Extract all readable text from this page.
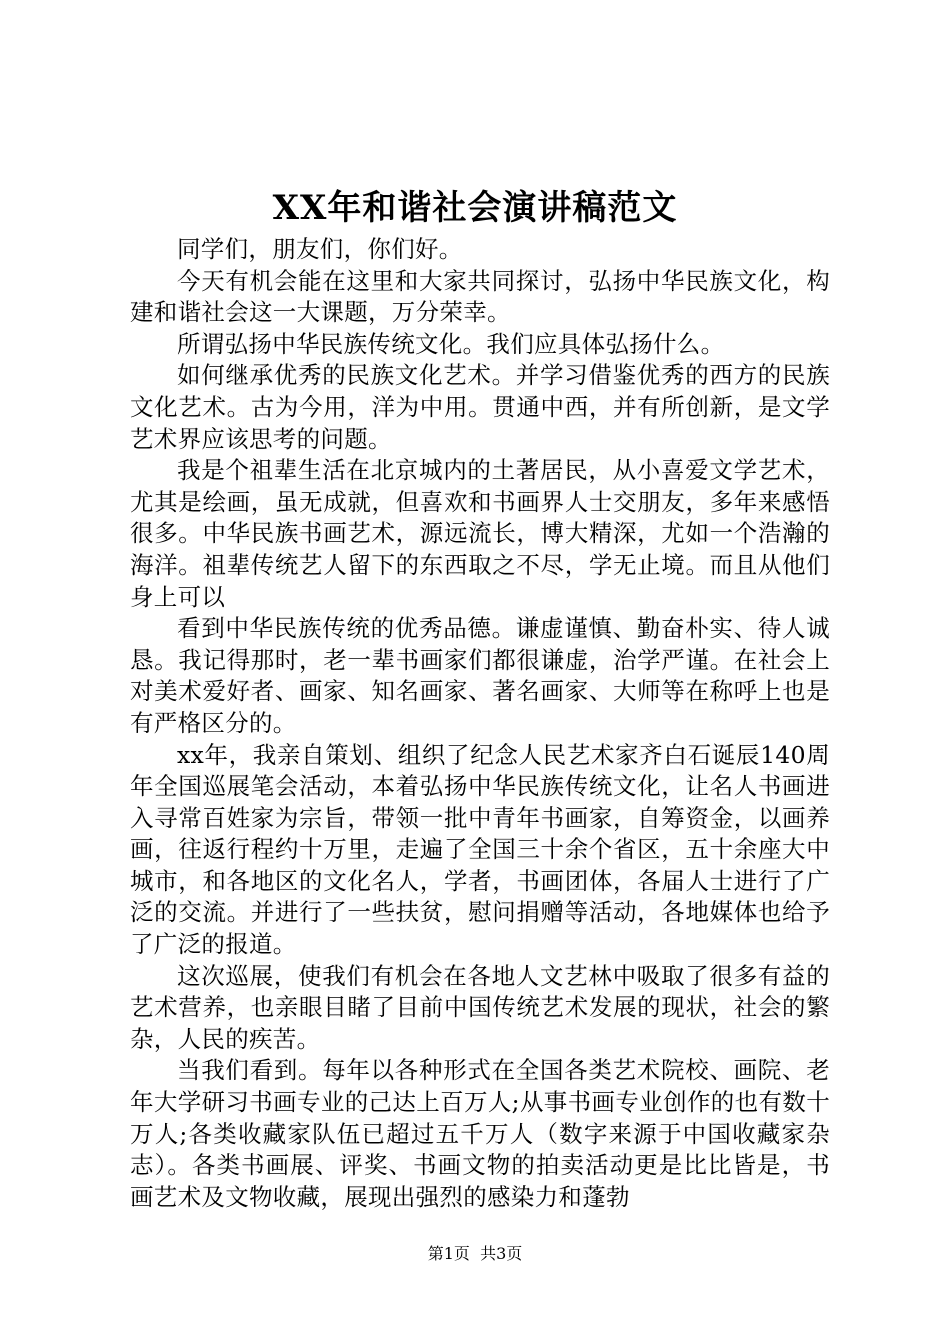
XX年和谐社会演讲稿范文

同学们，朋友们，你们好。

今天有机会能在这里和大家共同探讨，弘扬中华民族文化，构建和谐社会这一大课题，万分荣幸。

所谓弘扬中华民族传统文化。我们应具体弘扬什么。

如何继承优秀的民族文化艺术。并学习借鉴优秀的西方的民族文化艺术。古为今用，洋为中用。贯通中西，并有所创新，是文学艺术界应该思考的问题。

我是个祖辈生活在北京城内的土著居民，从小喜爱文学艺术，尤其是绘画，虽无成就，但喜欢和书画界人士交朋友，多年来感悟很多。中华民族书画艺术，源远流长，博大精深，尤如一个浩瀚的海洋。祖辈传统艺人留下的东西取之不尽，学无止境。而且从他们身上可以

看到中华民族传统的优秀品德。谦虚谨慎、勤奋朴实、待人诚恳。我记得那时，老一辈书画家们都很谦虚，治学严谨。在社会上对美术爱好者、画家、知名画家、著名画家、大师等在称呼上也是有严格区分的。

xx年，我亲自策划、组织了纪念人民艺术家齐白石诞辰140周年全国巡展笔会活动，本着弘扬中华民族传统文化，让名人书画进入寻常百姓家为宗旨，带领一批中青年书画家，自筹资金，以画养画，往返行程约十万里，走遍了全国三十余个省区，五十余座大中城市，和各地区的文化名人，学者，书画团体，各届人士进行了广泛的交流。并进行了一些扶贫，慰问捐赠等活动，各地媒体也给予了广泛的报道。

这次巡展，使我们有机会在各地人文艺林中吸取了很多有益的艺术营养，也亲眼目睹了目前中国传统艺术发展的现状，社会的繁杂，人民的疾苦。

当我们看到。每年以各种形式在全国各类艺术院校、画院、老年大学研习书画专业的己达上百万人;从事书画专业创作的也有数十万人;各类收藏家队伍已超过五千万人（数字来源于中国收藏家杂志）。各类书画展、评奖、书画文物的拍卖活动更是比比皆是，书画艺术及文物收藏，展现出强烈的感染力和蓬勃

第1页 共3页
